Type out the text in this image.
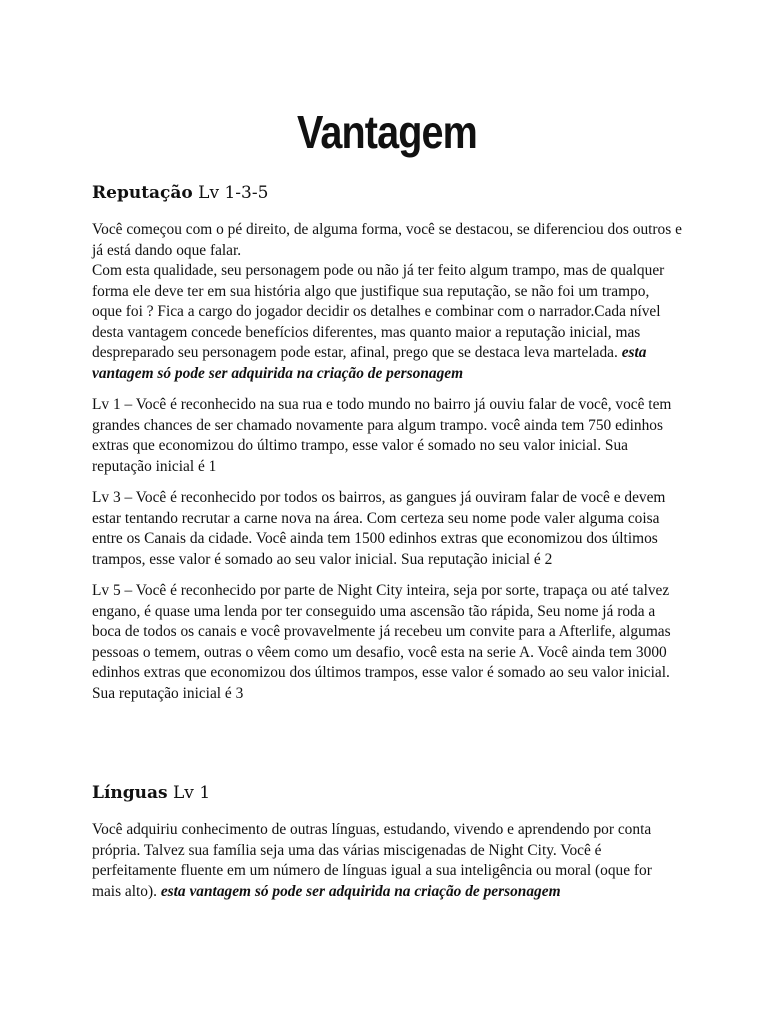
Vantagem
Reputação Lv 1-3-5

Você começou com o pé direito, de alguma forma, você se destacou, se diferenciou dos outros e já está dando oque falar.
Com esta qualidade, seu personagem pode ou não já ter feito algum trampo, mas de qualquer forma ele deve ter em sua história algo que justifique sua reputação, se não foi um trampo, oque foi ? Fica a cargo do jogador decidir os detalhes e combinar com o narrador.Cada nível desta vantagem concede benefícios diferentes, mas quanto maior a reputação inicial, mas despreparado seu personagem pode estar, afinal, prego que se destaca leva martelada. esta vantagem só pode ser adquirida na criação de personagem

Lv 1 – Você é reconhecido na sua rua e todo mundo no bairro já ouviu falar de você, você tem grandes chances de ser chamado novamente para algum trampo. você ainda tem 750 edinhos extras que economizou do último trampo, esse valor é somado no seu valor inicial. Sua reputação inicial é 1

Lv 3 – Você é reconhecido por todos os bairros, as gangues já ouviram falar de você e devem estar tentando recrutar a carne nova na área. Com certeza seu nome pode valer alguma coisa entre os Canais da cidade. Você ainda tem 1500 edinhos extras que economizou dos últimos trampos, esse valor é somado ao seu valor inicial. Sua reputação inicial é 2

Lv 5 – Você é reconhecido por parte de Night City inteira, seja por sorte, trapaça ou até talvez engano, é quase uma lenda por ter conseguido uma ascensão tão rápida, Seu nome já roda a boca de todos os canais e você provavelmente já recebeu um convite para a Afterlife, algumas pessoas o temem, outras o vêem como um desafio, você esta na serie A. Você ainda tem 3000 edinhos extras que economizou dos últimos trampos, esse valor é somado ao seu valor inicial. Sua reputação inicial é 3

Línguas Lv 1

Você adquiriu conhecimento de outras línguas, estudando, vivendo e aprendendo por conta própria. Talvez sua família seja uma das várias miscigenadas de Night City. Você é perfeitamente fluente em um número de línguas igual a sua inteligência ou moral (oque for mais alto). esta vantagem só pode ser adquirida na criação de personagem
